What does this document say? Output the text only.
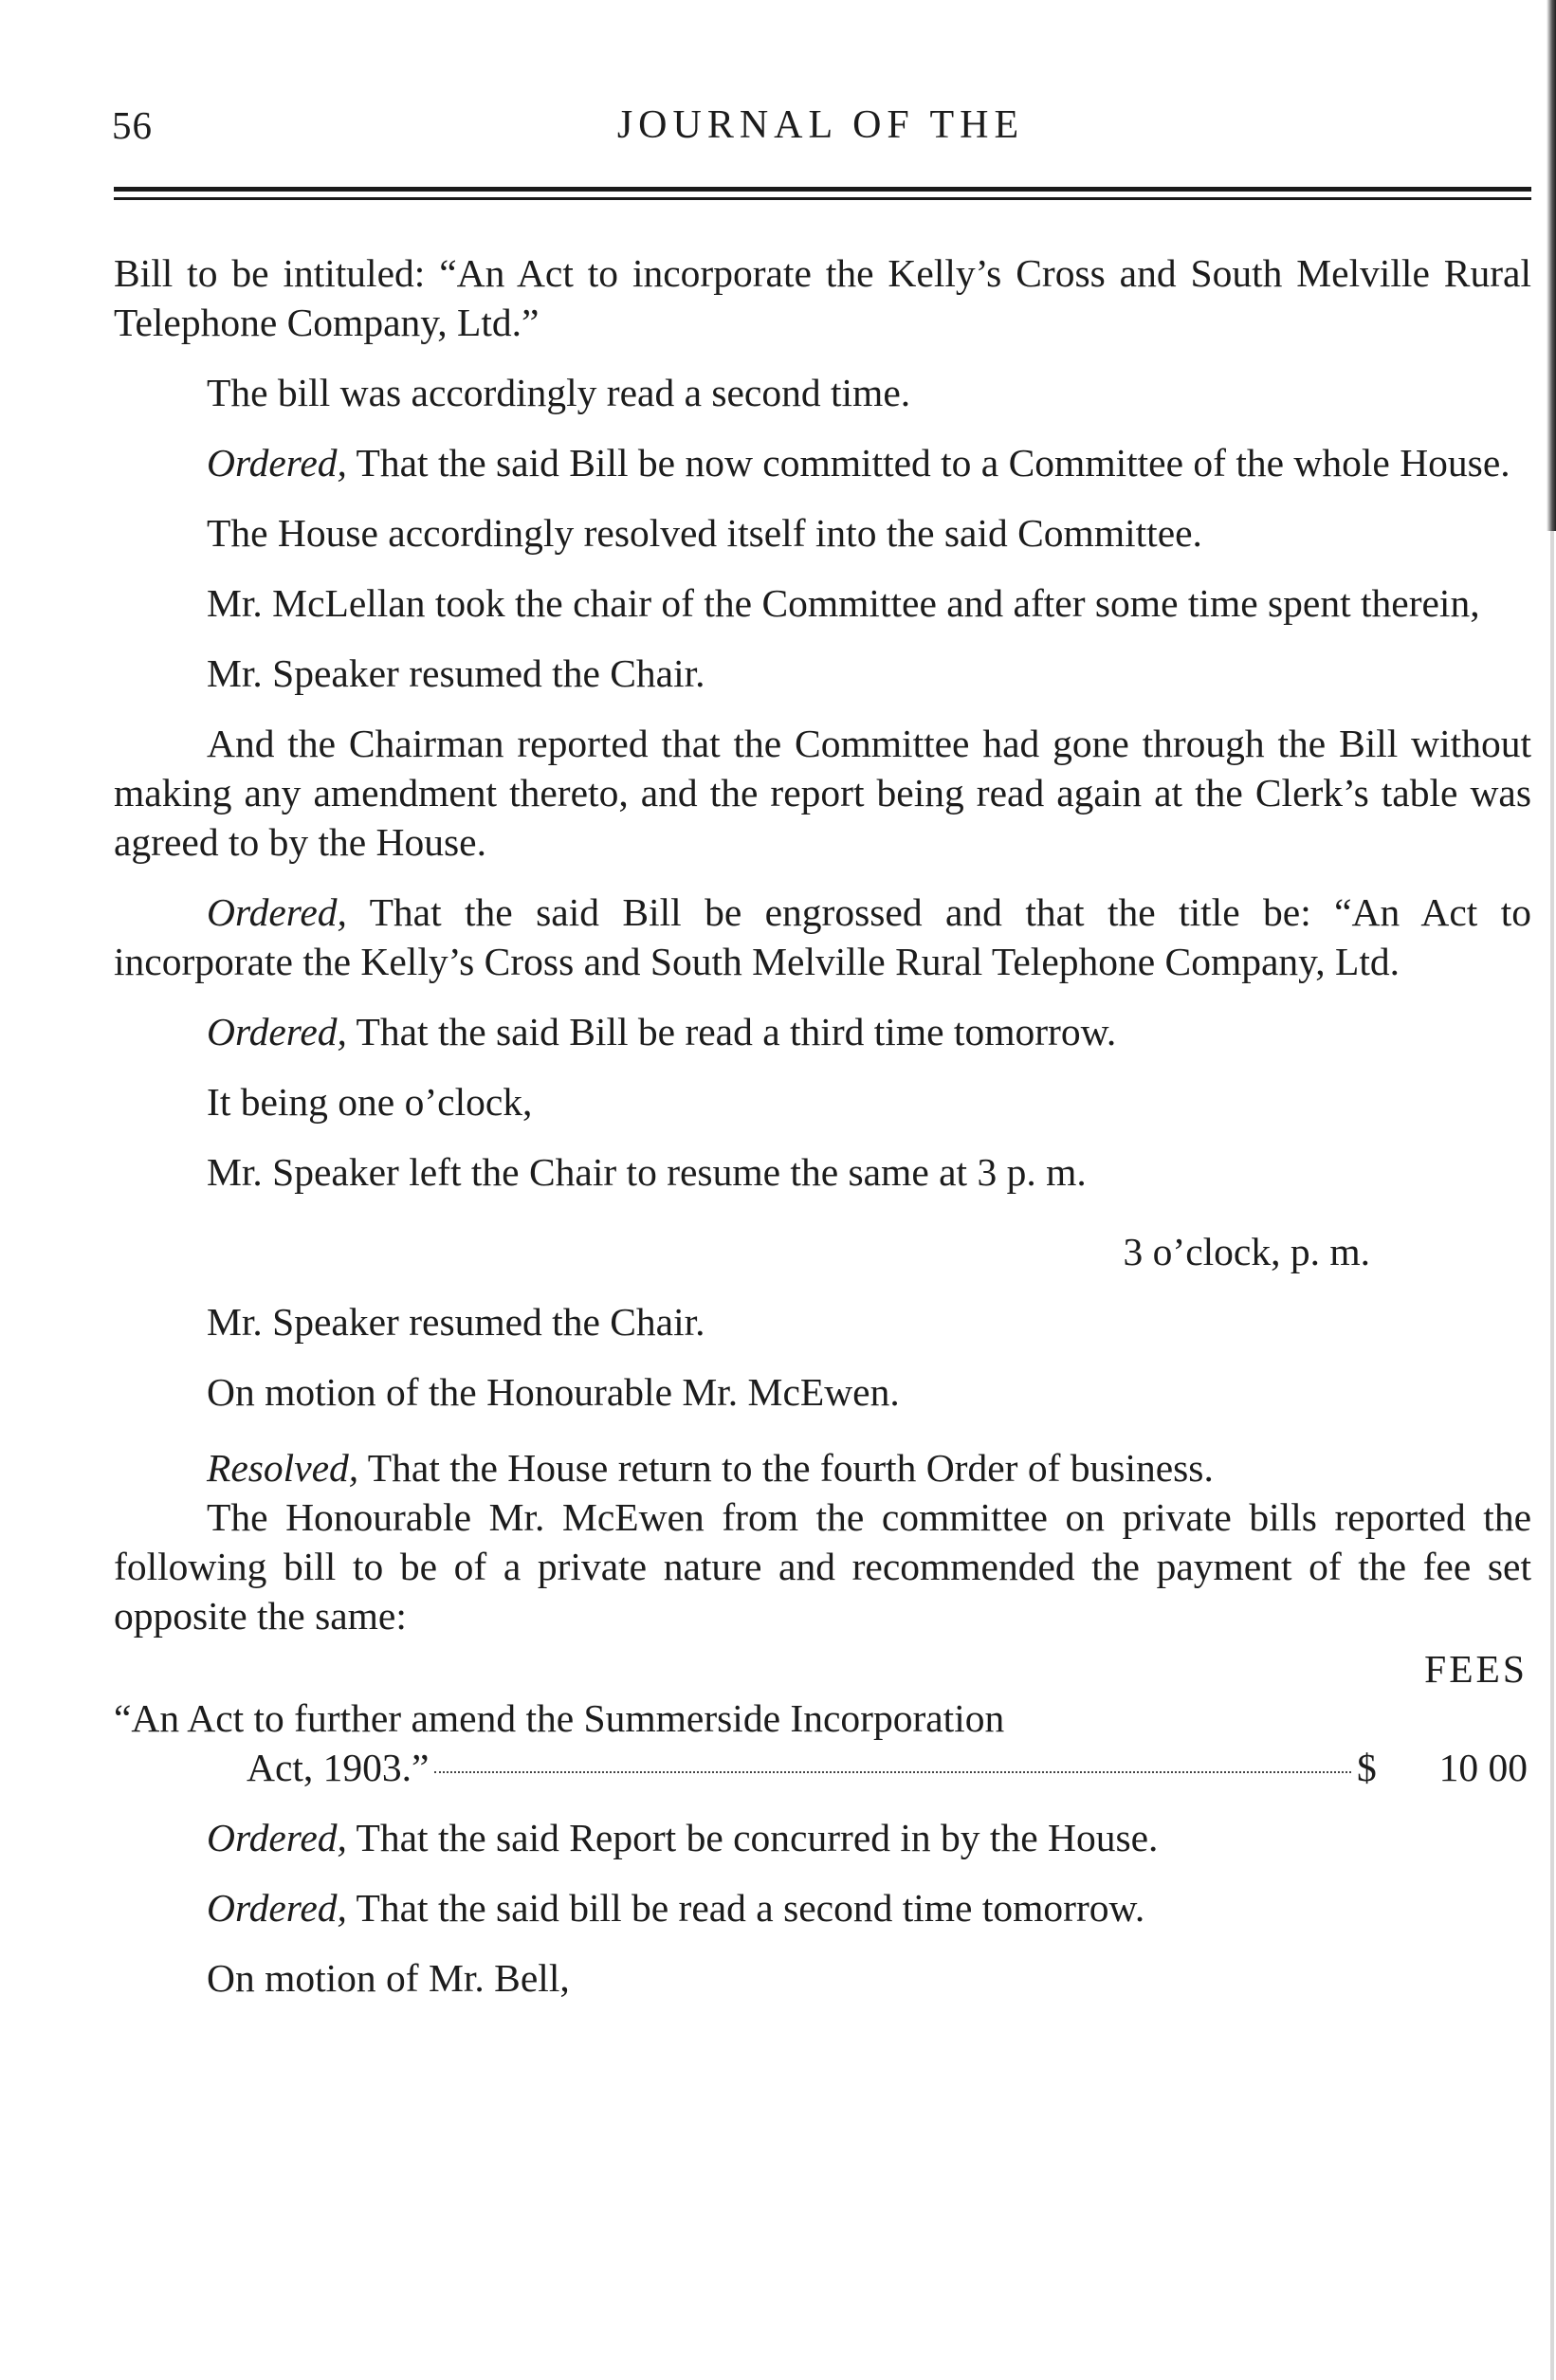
56	JOURNAL OF THE

Bill to be intituled: “An Act to incorporate the Kelly’s Cross and South Melville Rural Telephone Company, Ltd.”

The bill was accordingly read a second time.

Ordered, That the said Bill be now committed to a Committee of the whole House.

The House accordingly resolved itself into the said Committee.

Mr. McLellan took the chair of the Committee and after some time spent therein,

Mr. Speaker resumed the Chair.

And the Chairman reported that the Committee had gone through the Bill without making any amendment thereto, and the report being read again at the Clerk’s table was agreed to by the House.

Ordered, That the said Bill be engrossed and that the title be: “An Act to incorporate the Kelly’s Cross and South Melville Rural Telephone Company, Ltd.

Ordered, That the said Bill be read a third time tomorrow.

It being one o’clock,

Mr. Speaker left the Chair to resume the same at 3 p. m.

3 o’clock, p. m.

Mr. Speaker resumed the Chair.

On motion of the Honourable Mr. McEwen.

Resolved, That the House return to the fourth Order of business.

The Honourable Mr. McEwen from the committee on private bills reported the following bill to be of a private nature and recommended the payment of the fee set opposite the same:

FEES

“An Act to further amend the Summerside Incorporation

Act, 1903.”	$	10 00

Ordered, That the said Report be concurred in by the House.

Ordered, That the said bill be read a second time tomorrow.

On motion of Mr. Bell,
